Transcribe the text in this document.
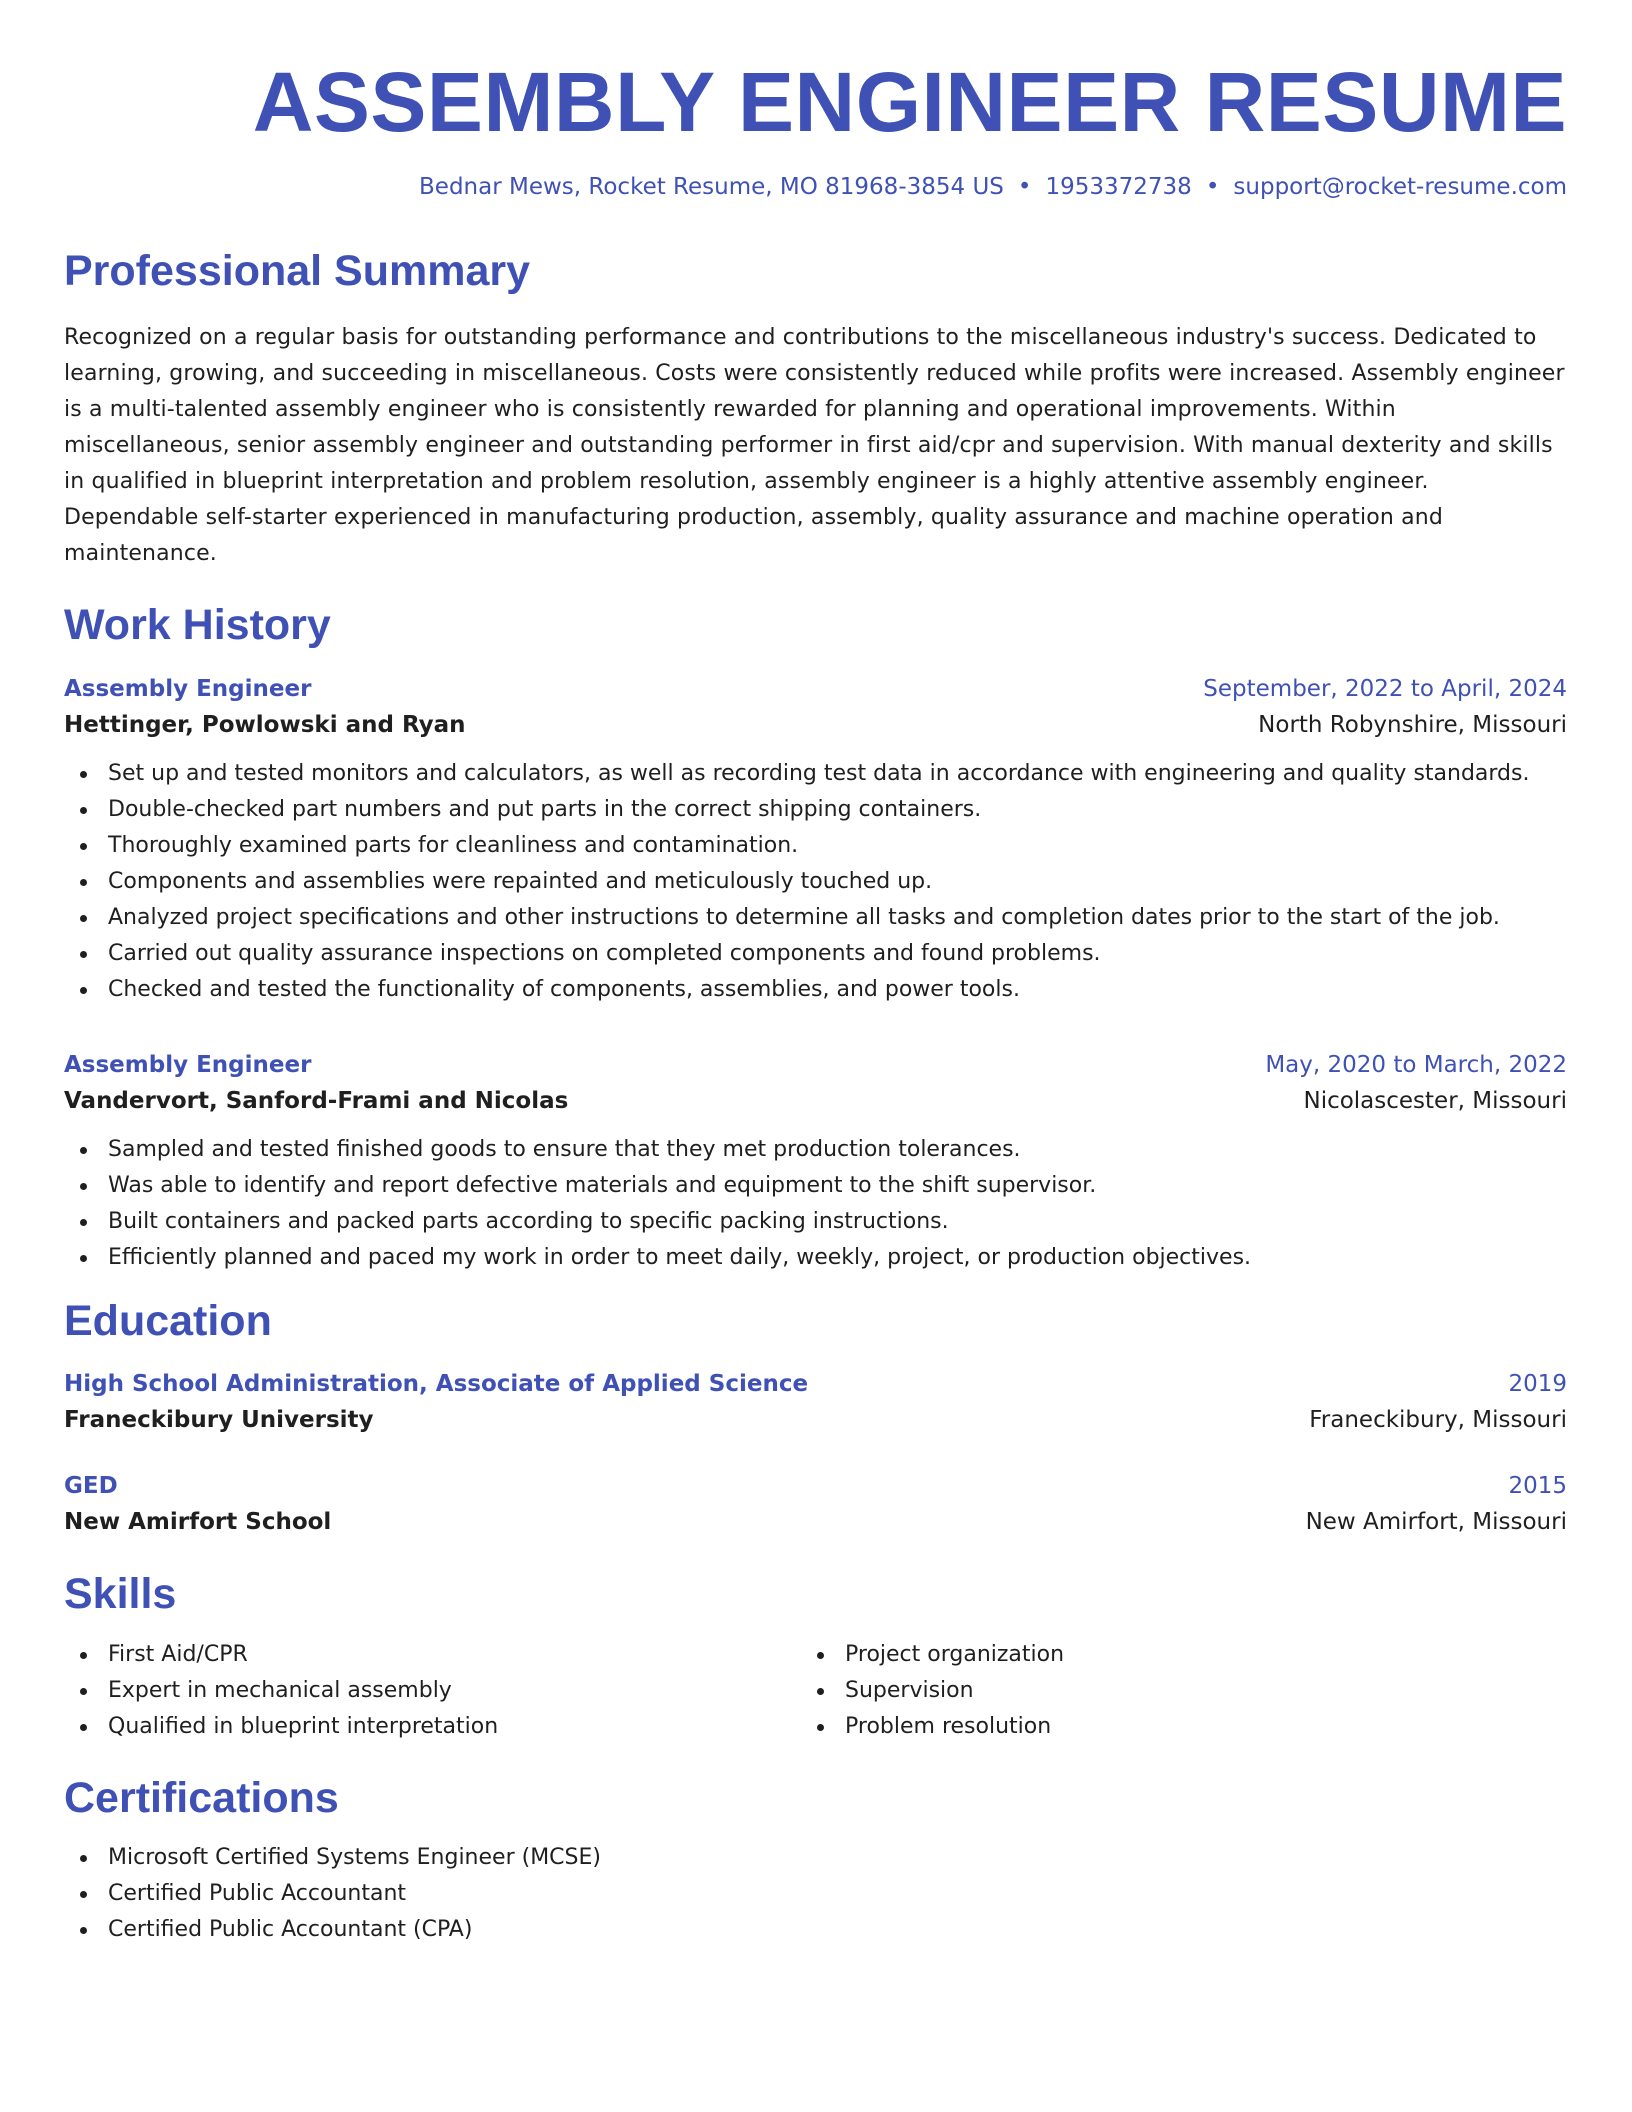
ASSEMBLY ENGINEER RESUME
Bednar Mews, Rocket Resume, MO 81968-3854 US • 1953372738 • support@rocket-resume.com
Professional Summary
Recognized on a regular basis for outstanding performance and contributions to the miscellaneous industry's success. Dedicated to learning, growing, and succeeding in miscellaneous. Costs were consistently reduced while profits were increased. Assembly engineer is a multi-talented assembly engineer who is consistently rewarded for planning and operational improvements. Within miscellaneous, senior assembly engineer and outstanding performer in first aid/cpr and supervision. With manual dexterity and skills in qualified in blueprint interpretation and problem resolution, assembly engineer is a highly attentive assembly engineer. Dependable self-starter experienced in manufacturing production, assembly, quality assurance and machine operation and maintenance.
Work History
Assembly Engineer	September, 2022 to April, 2024
Hettinger, Powlowski and Ryan	North Robynshire, Missouri
Set up and tested monitors and calculators, as well as recording test data in accordance with engineering and quality standards.
Double-checked part numbers and put parts in the correct shipping containers.
Thoroughly examined parts for cleanliness and contamination.
Components and assemblies were repainted and meticulously touched up.
Analyzed project specifications and other instructions to determine all tasks and completion dates prior to the start of the job.
Carried out quality assurance inspections on completed components and found problems.
Checked and tested the functionality of components, assemblies, and power tools.
Assembly Engineer	May, 2020 to March, 2022
Vandervort, Sanford-Frami and Nicolas	Nicolascester, Missouri
Sampled and tested finished goods to ensure that they met production tolerances.
Was able to identify and report defective materials and equipment to the shift supervisor.
Built containers and packed parts according to specific packing instructions.
Efficiently planned and paced my work in order to meet daily, weekly, project, or production objectives.
Education
High School Administration, Associate of Applied Science	2019
Franeckibury University	Franeckibury, Missouri
GED	2015
New Amirfort School	New Amirfort, Missouri
Skills
First Aid/CPR
Expert in mechanical assembly
Qualified in blueprint interpretation
Project organization
Supervision
Problem resolution
Certifications
Microsoft Certified Systems Engineer (MCSE)
Certified Public Accountant
Certified Public Accountant (CPA)
